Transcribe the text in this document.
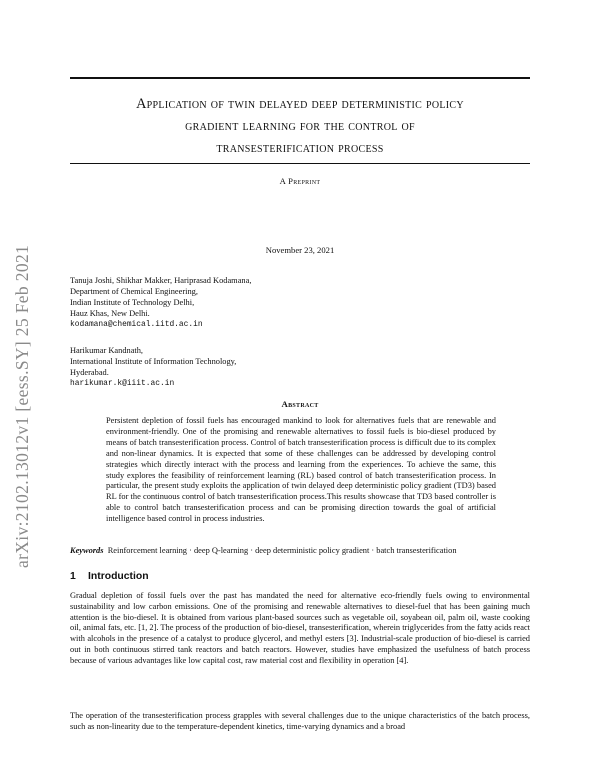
arXiv:2102.13012v1 [eess.SY] 25 Feb 2021
Application of twin delayed deep deterministic policy
gradient learning for the control of
transesterification process
A Preprint
November 23, 2021
Tanuja Joshi, Shikhar Makker, Hariprasad Kodamana,
Department of Chemical Engineering,
Indian Institute of Technology Delhi,
Hauz Khas, New Delhi.
kodamana@chemical.iitd.ac.in
Harikumar Kandnath,
International Institute of Information Technology,
Hyderabad.
harikumar.k@iiit.ac.in
Abstract
Persistent depletion of fossil fuels has encouraged mankind to look for alternatives fuels that are renewable and environment-friendly. One of the promising and renewable alternatives to fossil fuels is bio-diesel produced by means of batch transesterification process. Control of batch transesterification process is difficult due to its complex and non-linear dynamics. It is expected that some of these challenges can be addressed by developing control strategies which directly interact with the process and learning from the experiences. To achieve the same, this study explores the feasibility of reinforcement learning (RL) based control of batch transesterification process. In particular, the present study exploits the application of twin delayed deep deterministic policy gradient (TD3) based RL for the continuous control of batch transesterification process.This results showcase that TD3 based controller is able to control batch transesterification process and can be promising direction towards the goal of artificial intelligence based control in process industries.
Keywords Reinforcement learning · deep Q-learning · deep deterministic policy gradient · batch transesterification
1 Introduction
Gradual depletion of fossil fuels over the past has mandated the need for alternative eco-friendly fuels owing to environmental sustainability and low carbon emissions. One of the promising and renewable alternatives to diesel-fuel that has been gaining much attention is the bio-diesel. It is obtained from various plant-based sources such as vegetable oil, soyabean oil, palm oil, waste cooking oil, animal fats, etc. [1, 2]. The process of the production of bio-diesel, transesterification, wherein triglycerides from the fatty acids react with alcohols in the presence of a catalyst to produce glycerol, and methyl esters [3]. Industrial-scale production of bio-diesel is carried out in both continuous stirred tank reactors and batch reactors. However, studies have emphasized the usefulness of batch process because of various advantages like low capital cost, raw material cost and flexibility in operation [4].
The operation of the transesterification process grapples with several challenges due to the unique characteristics of the batch process, such as non-linearity due to the temperature-dependent kinetics, time-varying dynamics and a broad
